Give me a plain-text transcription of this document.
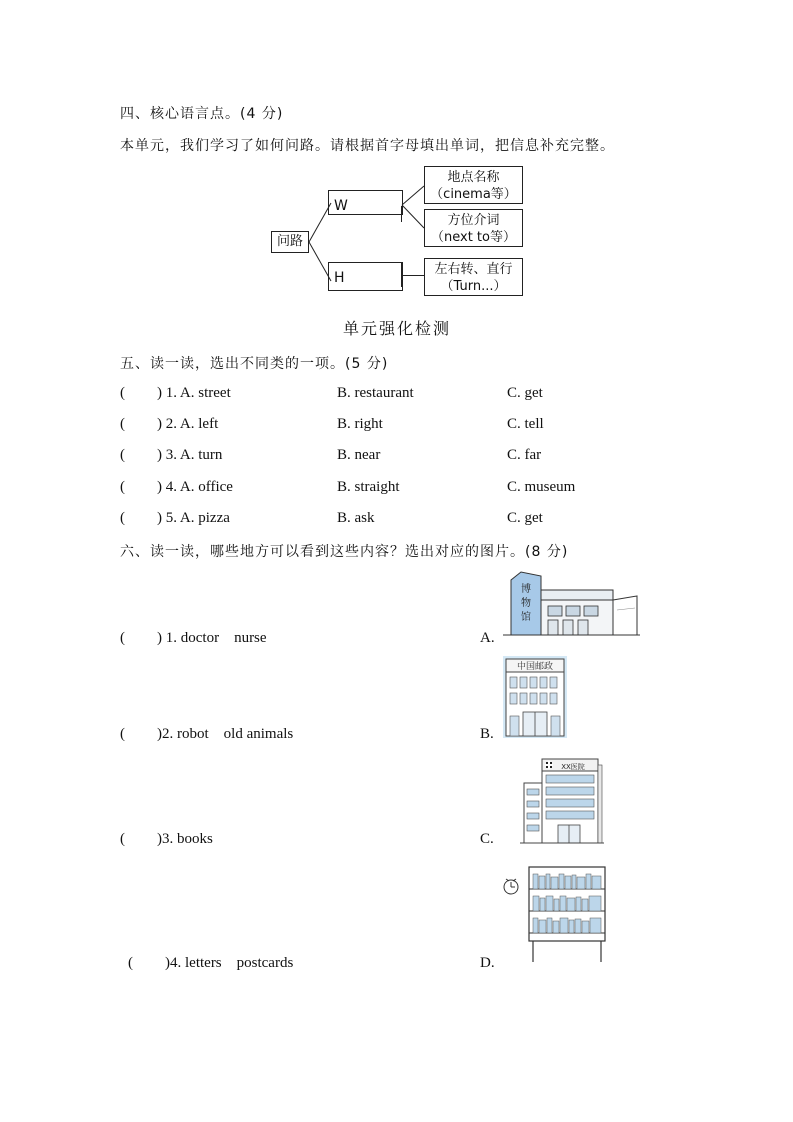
四、核心语言点。(4 分)
本单元，我们学习了如何问路。请根据首字母填出单词，把信息补充完整。
问路
W
地点名称
（cinema等）
方位介词
（next to等）
H
左右转、直行
（Turn...）
单元强化检测
五、读一读，选出不同类的一项。(5 分)
( ) 1. A. street	B. restaurant	C. get
( ) 2. A. left	B. right	C. tell
( ) 3. A. turn	B. near	C. far
( ) 4. A. office	B. straight	C. museum
( ) 5. A. pizza	B. ask	C. get
六、读一读，哪些地方可以看到这些内容？选出对应的图片。(8 分)
( ) 1. doctor    nurse	A.
( )2. robot    old animals	B.
( )3. books	C.
( )4. letters    postcards	D.
博
物
馆
中国邮政
XX医院
